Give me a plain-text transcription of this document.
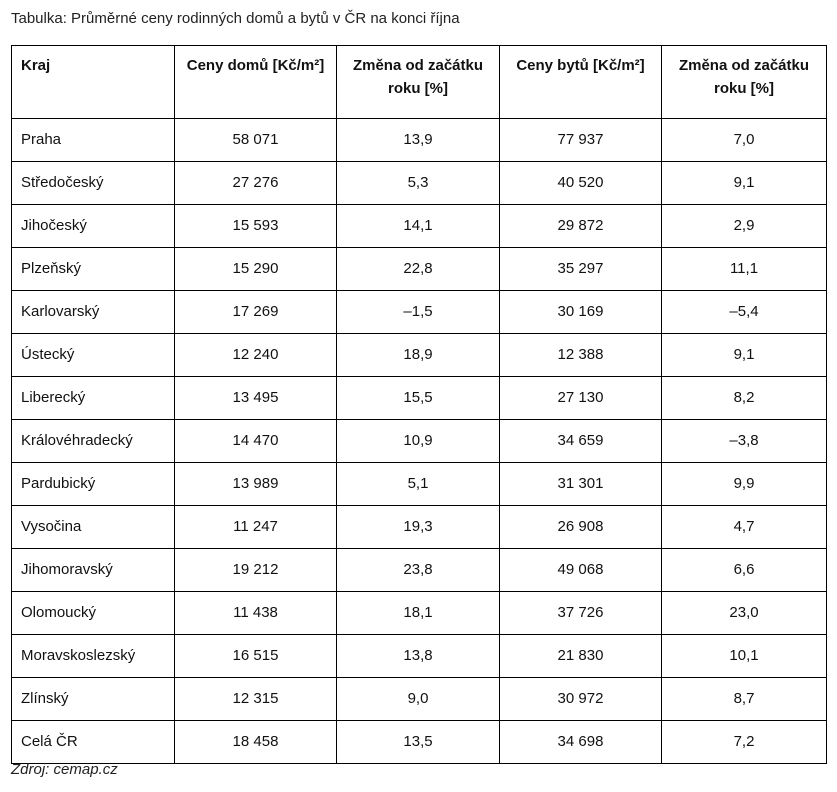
Tabulka: Průměrné ceny rodinných domů a bytů v ČR na konci října
Kraj	Ceny domů [Kč/m²]	Změna od začátku roku [%]	Ceny bytů [Kč/m²]	Změna od začátku roku [%]
Praha	58 071	13,9	77 937	7,0
Středočeský	27 276	5,3	40 520	9,1
Jihočeský	15 593	14,1	29 872	2,9
Plzeňský	15 290	22,8	35 297	11,1
Karlovarský	17 269	–1,5	30 169	–5,4
Ústecký	12 240	18,9	12 388	9,1
Liberecký	13 495	15,5	27 130	8,2
Královéhradecký	14 470	10,9	34 659	–3,8
Pardubický	13 989	5,1	31 301	9,9
Vysočina	11 247	19,3	26 908	4,7
Jihomoravský	19 212	23,8	49 068	6,6
Olomoucký	11 438	18,1	37 726	23,0
Moravskoslezský	16 515	13,8	21 830	10,1
Zlínský	12 315	9,0	30 972	8,7
Celá ČR	18 458	13,5	34 698	7,2
Zdroj: cemap.cz
